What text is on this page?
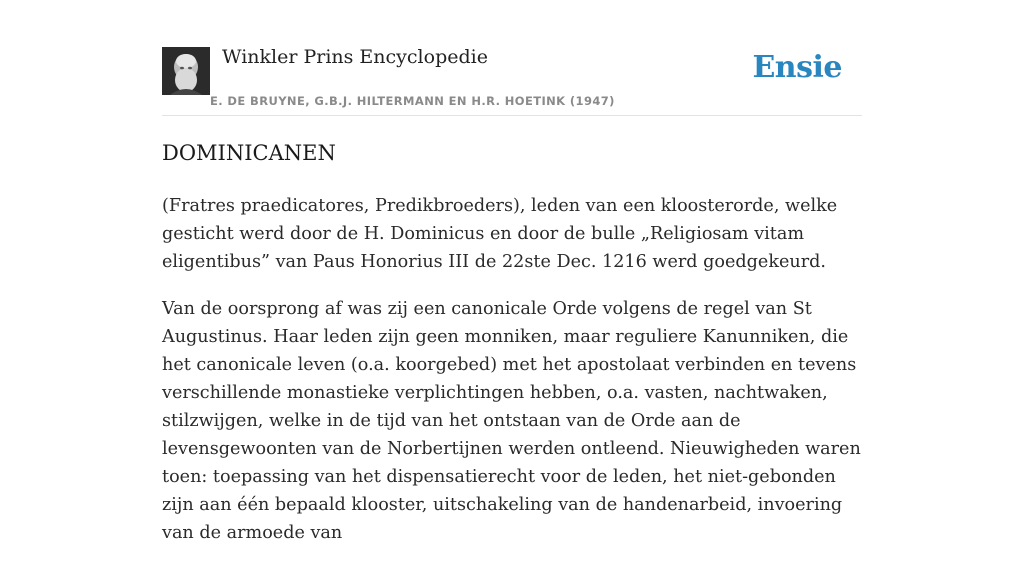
Winkler Prins Encyclopedie
E. DE BRUYNE, G.B.J. HILTERMANN EN H.R. HOETINK (1947)
Ensie
DOMINICANEN

(Fratres praedicatores, Predikbroeders), leden van een kloosterorde, welke gesticht werd door de H. Dominicus en door de bulle „Religiosam vitam eligentibus” van Paus Honorius III de 22ste Dec. 1216 werd goedgekeurd.

Van de oorsprong af was zij een canonicale Orde volgens de regel van St Augustinus. Haar leden zijn geen monniken, maar reguliere Kanunniken, die het canonicale leven (o.a. koorgebed) met het apostolaat verbinden en tevens verschillende monastieke verplichtingen hebben, o.a. vasten, nachtwaken, stilzwijgen, welke in de tijd van het ontstaan van de Orde aan de levensgewoonten van de Norbertijnen werden ontleend. Nieuwigheden waren toen: toepassing van het dispensatierecht voor de leden, het niet-gebonden zijn aan één bepaald klooster, uitschakeling van de handenarbeid, invoering van de armoede van
